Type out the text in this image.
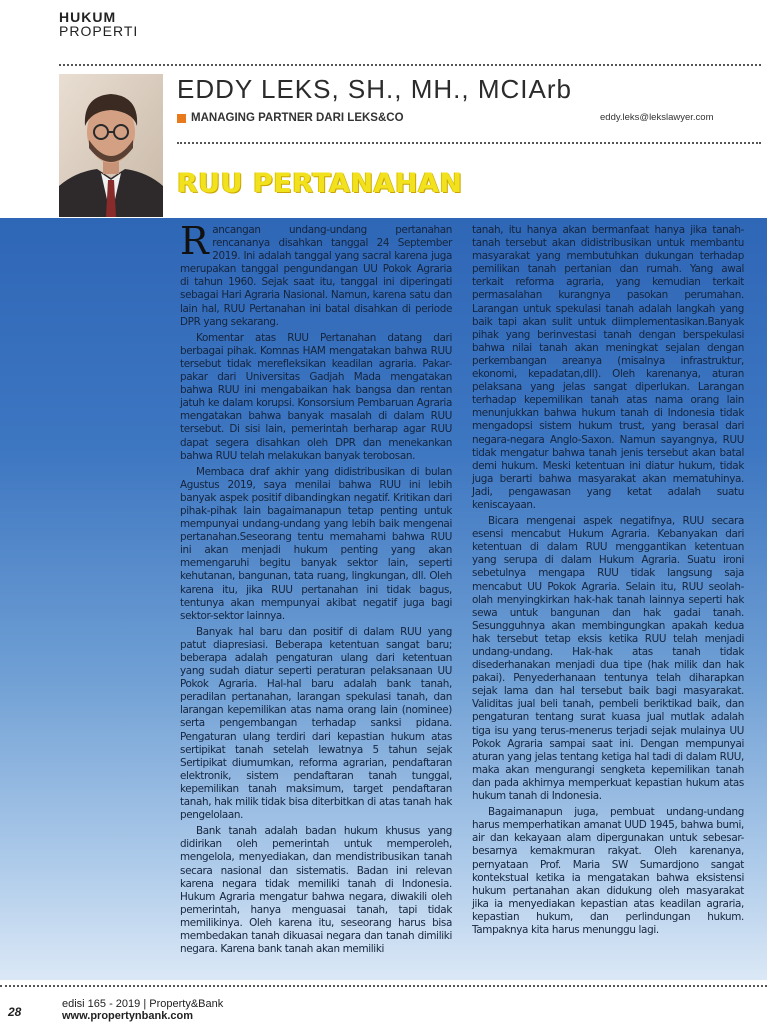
HUKUM
PROPERTI
EDDY LEKS, SH., MH., MCIArb
MANAGING PARTNER DARI LEKS&CO	eddy.leks@lekslawyer.com
RUU PERTANAHAN

Rancangan undang-undang pertanahan rencananya disahkan tanggal 24 September 2019. Ini adalah tanggal yang sacral karena juga merupakan tanggal pengundangan UU Pokok Agraria di tahun 1960. Sejak saat itu, tanggal ini diperingati sebagai Hari Agraria Nasional. Namun, karena satu dan lain hal, RUU Pertanahan ini batal disahkan di periode DPR yang sekarang.

Komentar atas RUU Pertanahan datang dari berbagai pihak. Komnas HAM mengatakan bahwa RUU tersebut tidak merefleksikan keadilan agraria. Pakar-pakar dari Universitas Gadjah Mada mengatakan bahwa RUU ini mengabaikan hak bangsa dan rentan jatuh ke dalam korupsi. Konsorsium Pembaruan Agraria mengatakan bahwa banyak masalah di dalam RUU tersebut. Di sisi lain, pemerintah berharap agar RUU dapat segera disahkan oleh DPR dan menekankan bahwa RUU telah melakukan banyak terobosan.

Membaca draf akhir yang didistribusikan di bulan Agustus 2019, saya menilai bahwa RUU ini lebih banyak aspek positif dibandingkan negatif. Kritikan dari pihak-pihak lain bagaimanapun tetap penting untuk mempunyai undang-undang yang lebih baik mengenai pertanahan.Seseorang tentu memahami bahwa RUU ini akan menjadi hukum penting yang akan memengaruhi begitu banyak sektor lain, seperti kehutanan, bangunan, tata ruang, lingkungan, dll. Oleh karena itu, jika RUU pertanahan ini tidak bagus, tentunya akan mempunyai akibat negatif juga bagi sektor-sektor lainnya.

Banyak hal baru dan positif di dalam RUU yang patut diapresiasi. Beberapa ketentuan sangat baru; beberapa adalah pengaturan ulang dari ketentuan yang sudah diatur seperti peraturan pelaksanaan UU Pokok Agraria. Hal-hal baru adalah bank tanah, peradilan pertanahan, larangan spekulasi tanah, dan larangan kepemilikan atas nama orang lain (nominee) serta pengembangan terhadap sanksi pidana. Pengaturan ulang terdiri dari kepastian hukum atas sertipikat tanah setelah lewatnya 5 tahun sejak Sertipikat diumumkan, reforma agrarian, pendaftaran elektronik, sistem pendaftaran tanah tunggal, kepemilikan tanah maksimum, target pendaftaran tanah, hak milik tidak bisa diterbitkan di atas tanah hak pengelolaan.

Bank tanah adalah badan hukum khusus yang didirikan oleh pemerintah untuk memperoleh, mengelola, menyediakan, dan mendistribusikan tanah secara nasional dan sistematis. Badan ini relevan karena negara tidak memiliki tanah di Indonesia. Hukum Agraria mengatur bahwa negara, diwakili oleh pemerintah, hanya menguasai tanah, tapi tidak memilikinya. Oleh karena itu, seseorang harus bisa membedakan tanah dikuasai negara dan tanah dimiliki negara. Karena bank tanah akan memiliki

tanah, itu hanya akan bermanfaat hanya jika tanah-tanah tersebut akan didistribusikan untuk membantu masyarakat yang membutuhkan dukungan terhadap pemilikan tanah pertanian dan rumah. Yang awal terkait reforma agraria, yang kemudian terkait permasalahan kurangnya pasokan perumahan. Larangan untuk spekulasi tanah adalah langkah yang baik tapi akan sulit untuk diimplementasikan.Banyak pihak yang berinvestasi tanah dengan berspekulasi bahwa nilai tanah akan meningkat sejalan dengan perkembangan areanya (misalnya infrastruktur, ekonomi, kepadatan,dll). Oleh karenanya, aturan pelaksana yang jelas sangat diperlukan. Larangan terhadap kepemilikan tanah atas nama orang lain menunjukkan bahwa hukum tanah di Indonesia tidak mengadopsi sistem hukum trust, yang berasal dari negara-negara Anglo-Saxon. Namun sayangnya, RUU tidak mengatur bahwa tanah jenis tersebut akan batal demi hukum. Meski ketentuan ini diatur hukum, tidak juga berarti bahwa masyarakat akan mematuhinya. Jadi, pengawasan yang ketat adalah suatu keniscayaan.

Bicara mengenai aspek negatifnya, RUU secara esensi mencabut Hukum Agraria. Kebanyakan dari ketentuan di dalam RUU menggantikan ketentuan yang serupa di dalam Hukum Agraria. Suatu ironi sebetulnya mengapa RUU tidak langsung saja mencabut UU Pokok Agraria. Selain itu, RUU seolah-olah menyingkirkan hak-hak tanah lainnya seperti hak sewa untuk bangunan dan hak gadai tanah. Sesungguhnya akan membingungkan apakah kedua hak tersebut tetap eksis ketika RUU telah menjadi undang-undang. Hak-hak atas tanah tidak disederhanakan menjadi dua tipe (hak milik dan hak pakai). Penyederhanaan tentunya telah diharapkan sejak lama dan hal tersebut baik bagi masyarakat. Validitas jual beli tanah, pembeli beriktikad baik, dan pengaturan tentang surat kuasa jual mutlak adalah tiga isu yang terus-menerus terjadi sejak mulainya UU Pokok Agraria sampai saat ini. Dengan mempunyai aturan yang jelas tentang ketiga hal tadi di dalam RUU, maka akan mengurangi sengketa kepemilikan tanah dan pada akhirnya memperkuat kepastian hukum atas hukum tanah di Indonesia.

Bagaimanapun juga, pembuat undang-undang harus memperhatikan amanat UUD 1945, bahwa bumi, air dan kekayaan alam dipergunakan untuk sebesar-besarnya kemakmuran rakyat. Oleh karenanya, pernyataan Prof. Maria SW Sumardjono sangat kontekstual ketika ia mengatakan bahwa eksistensi hukum pertanahan akan didukung oleh masyarakat jika ia menyediakan kepastian atas keadilan agraria, kepastian hukum, dan perlindungan hukum. Tampaknya kita harus menunggu lagi.

28
edisi 165 - 2019 | Property&Bank
www.propertynbank.com
